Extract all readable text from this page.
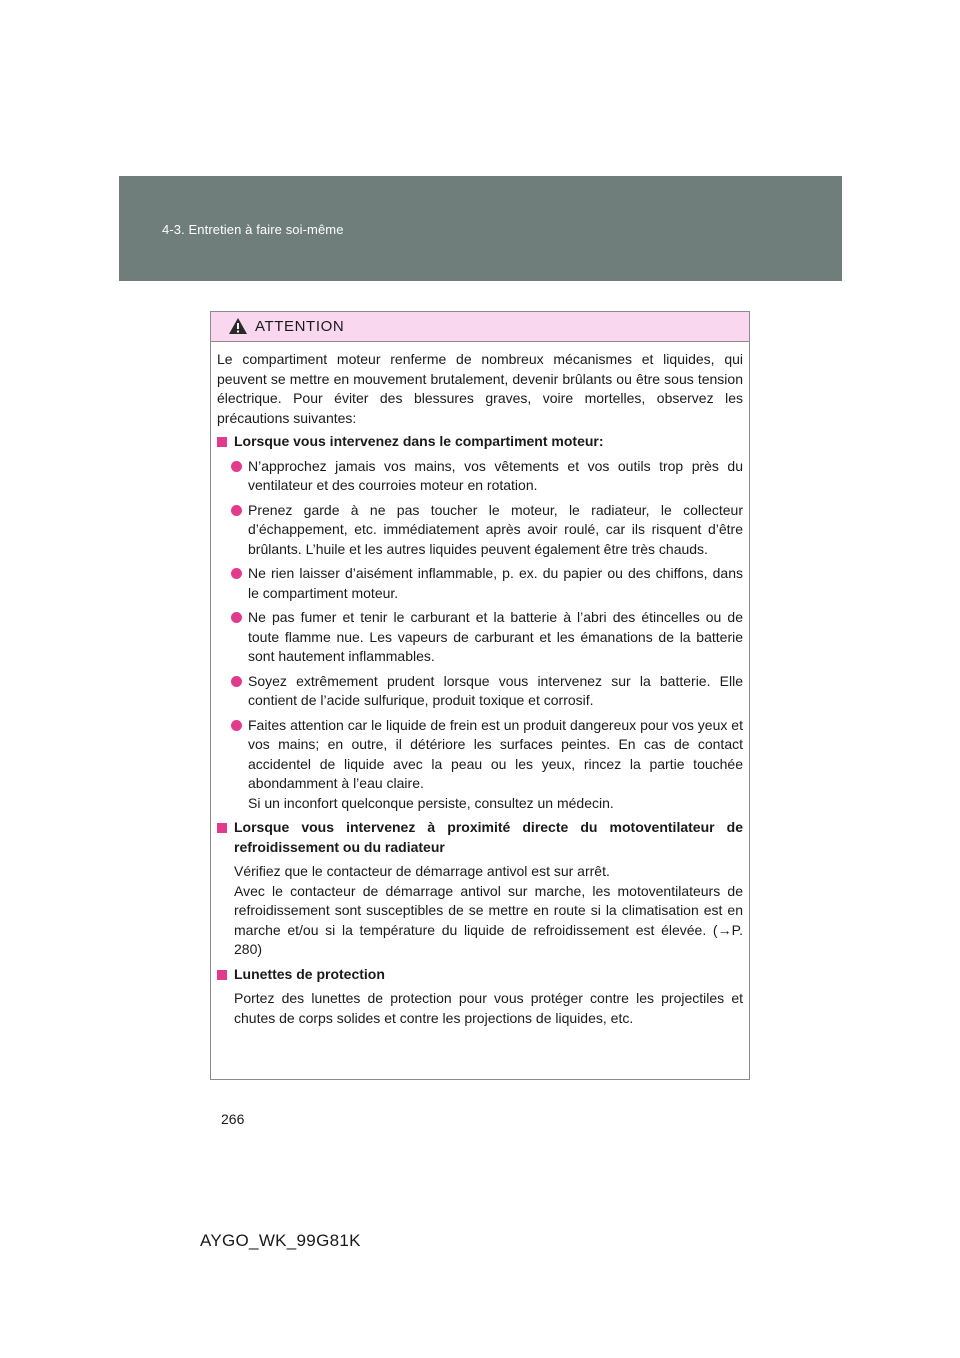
4-3. Entretien à faire soi-même
ATTENTION

Le compartiment moteur renferme de nombreux mécanismes et liquides, qui peuvent se mettre en mouvement brutalement, devenir brûlants ou être sous tension électrique. Pour éviter des blessures graves, voire mortelles, observez les précautions suivantes:

Lorsque vous intervenez dans le compartiment moteur:
N’approchez jamais vos mains, vos vêtements et vos outils trop près du ventilateur et des courroies moteur en rotation.
Prenez garde à ne pas toucher le moteur, le radiateur, le collecteur d’échappement, etc. immédiatement après avoir roulé, car ils risquent d’être brûlants. L’huile et les autres liquides peuvent également être très chauds.
Ne rien laisser d’aisément inflammable, p. ex. du papier ou des chiffons, dans le compartiment moteur.
Ne pas fumer et tenir le carburant et la batterie à l’abri des étincelles ou de toute flamme nue. Les vapeurs de carburant et les émanations de la batterie sont hautement inflammables.
Soyez extrêmement prudent lorsque vous intervenez sur la batterie. Elle contient de l’acide sulfurique, produit toxique et corrosif.
Faites attention car le liquide de frein est un produit dangereux pour vos yeux et vos mains; en outre, il détériore les surfaces peintes. En cas de contact accidentel de liquide avec la peau ou les yeux, rincez la partie touchée abondamment à l’eau claire.

Si un inconfort quelconque persiste, consultez un médecin.
Lorsque vous intervenez à proximité directe du motoventilateur de refroidissement ou du radiateur
Vérifiez que le contacteur de démarrage antivol est sur arrêt.
Avec le contacteur de démarrage antivol sur marche, les motoventilateurs de refroidissement sont susceptibles de se mettre en route si la climatisation est en marche et/ou si la température du liquide de refroidissement est élevée. (→P. 280)
Lunettes de protection
Portez des lunettes de protection pour vous protéger contre les projectiles et chutes de corps solides et contre les projections de liquides, etc.
266
AYGO_WK_99G81K
